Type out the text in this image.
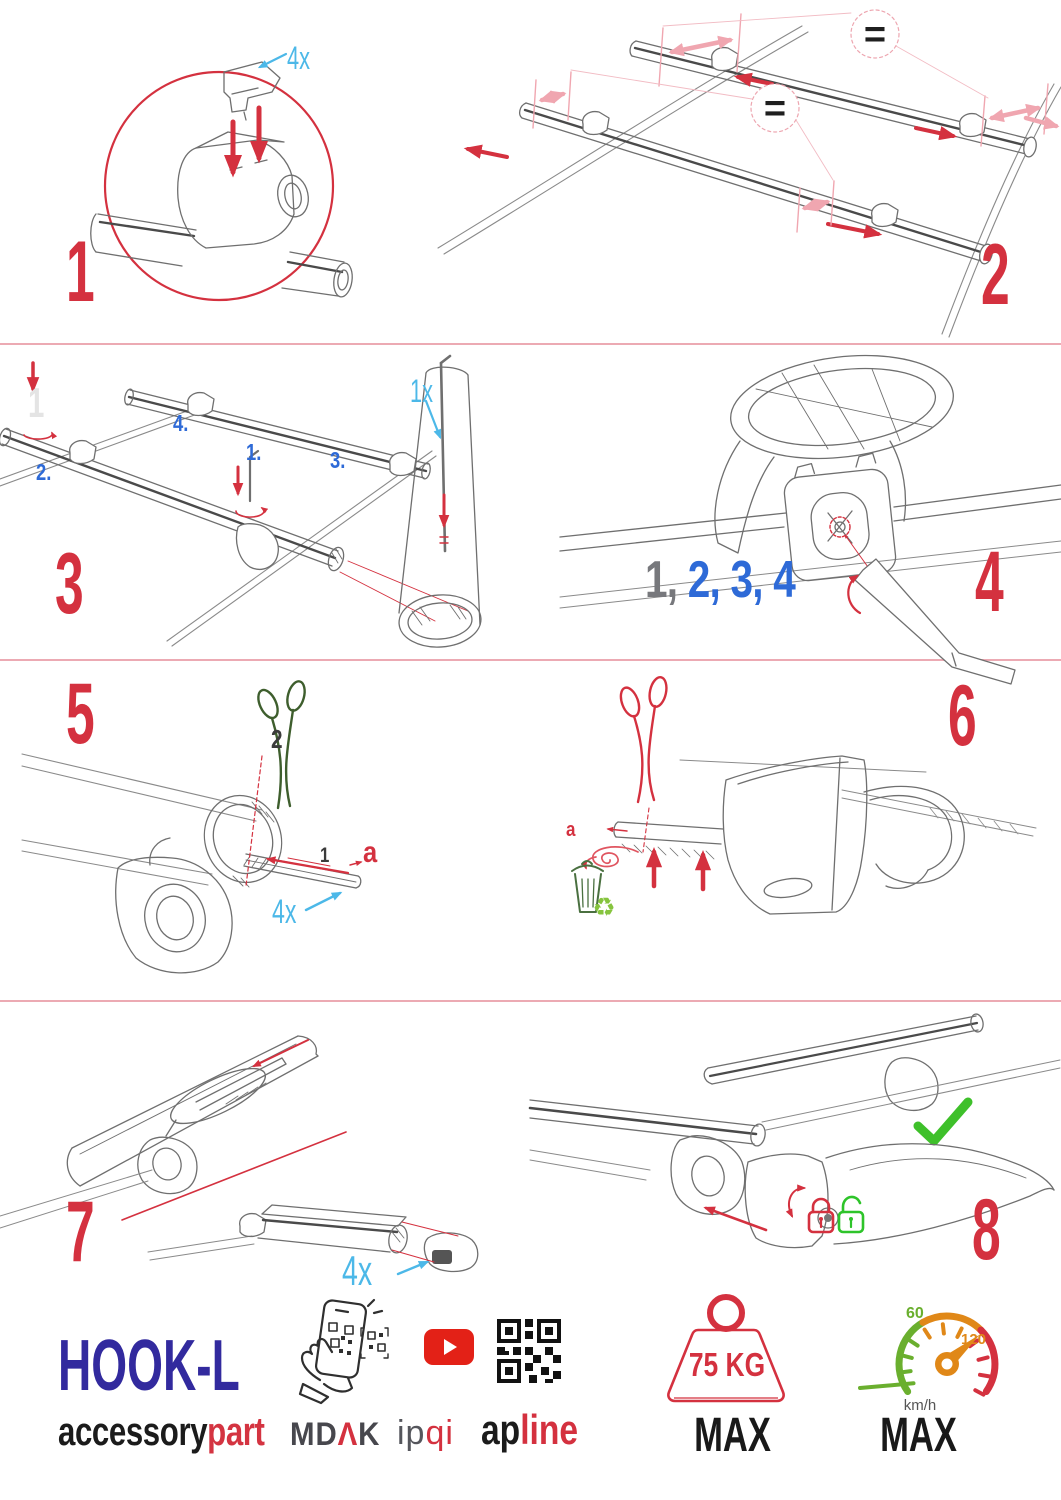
4x
1
=
=
2
1.
2.	3.
4.
1	1x
3	1, 2, 3, 4 4
2
1 a
4x
5
♻
a
6
4x
7	8
HOOK-L
accessorypart MDΛK ipqi apline
75 KG
MAX
60
120
km/h
MAX
